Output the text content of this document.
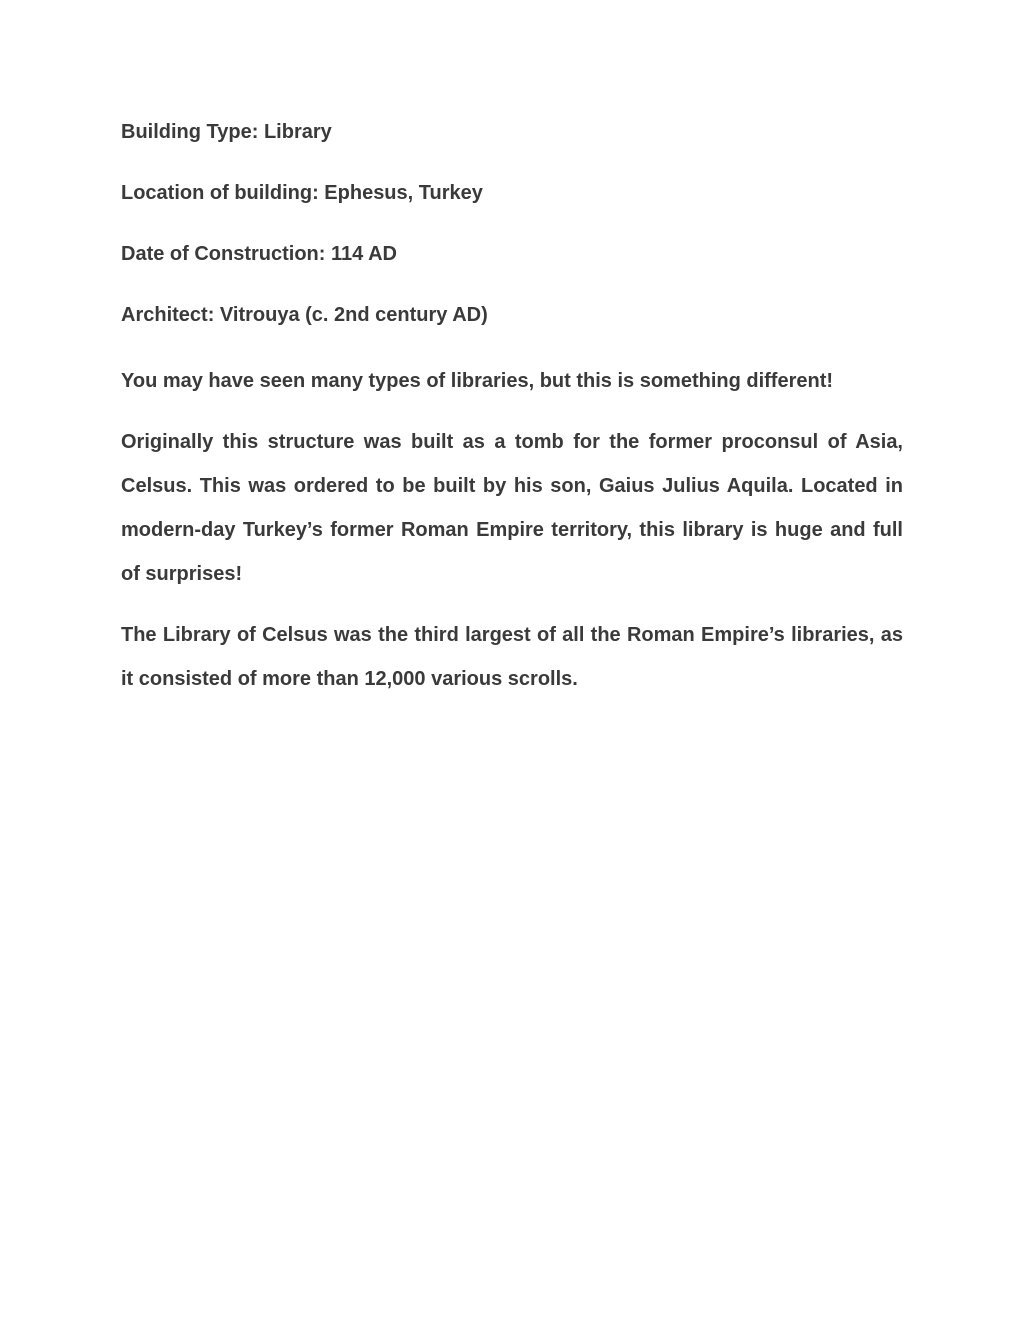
Building Type: Library

Location of building: Ephesus, Turkey

Date of Construction: 114 AD

Architect: Vitrouya (c. 2nd century AD)

You may have seen many types of libraries, but this is something different!

Originally this structure was built as a tomb for the former proconsul of Asia, Celsus. This was ordered to be built by his son, Gaius Julius Aquila. Located in modern-day Turkey’s former Roman Empire territory, this library is huge and full of surprises!

The Library of Celsus was the third largest of all the Roman Empire’s libraries, as it consisted of more than 12,000 various scrolls.
